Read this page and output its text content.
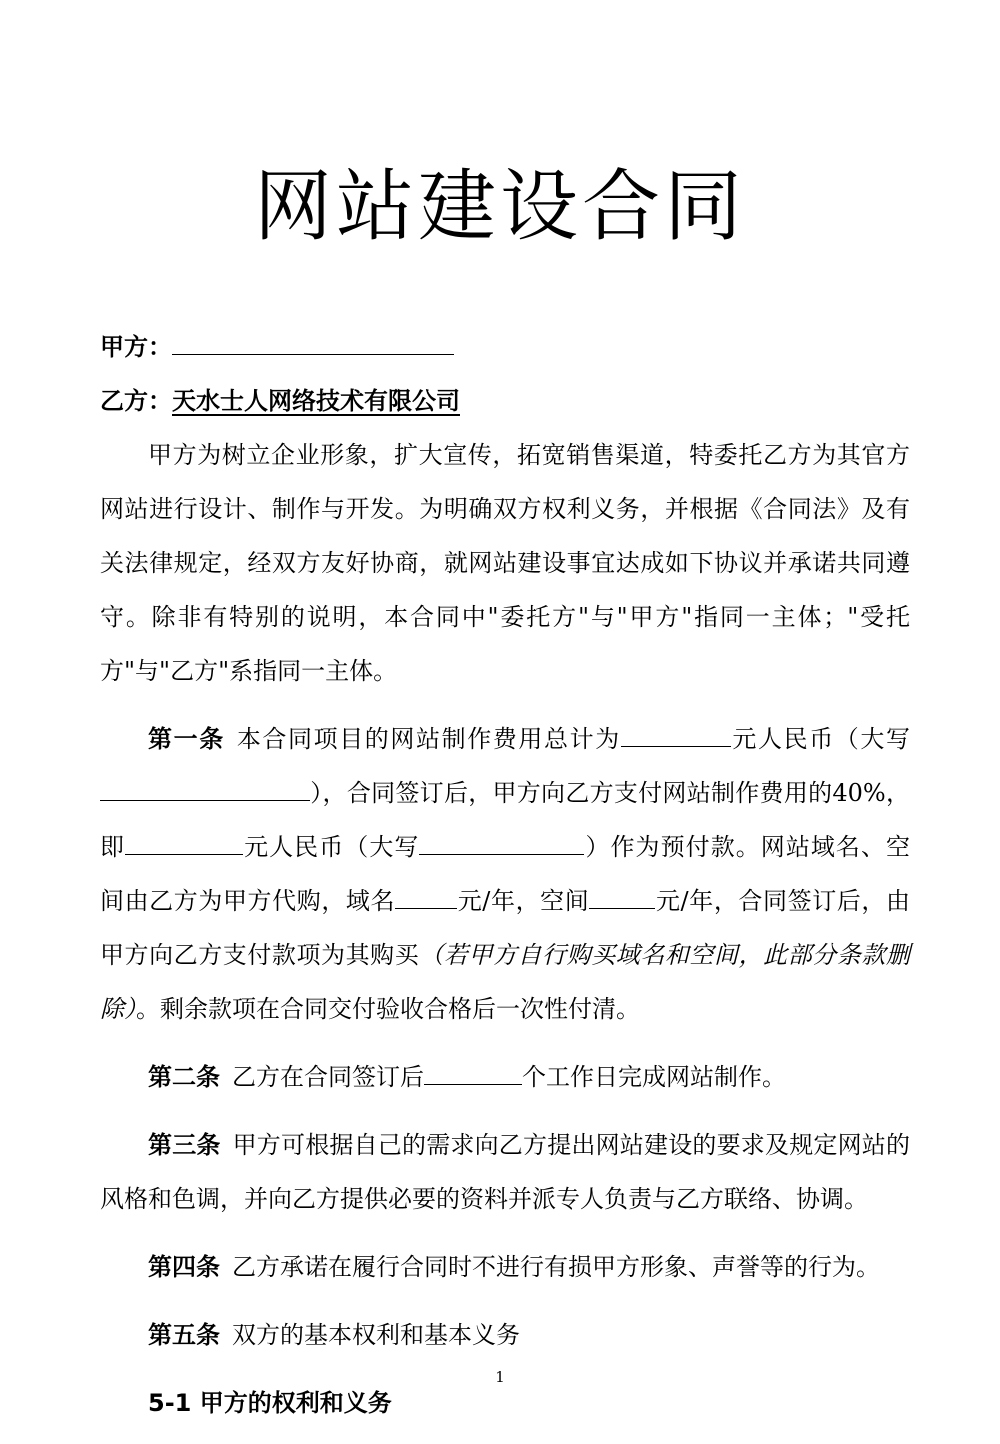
网站建设合同

甲方：

乙方：天水士人网络技术有限公司

甲方为树立企业形象，扩大宣传，拓宽销售渠道，特委托乙方为其官方网站进行设计、制作与开发。为明确双方权利义务，并根据《合同法》及有关法律规定，经双方友好协商，就网站建设事宜达成如下协议并承诺共同遵守。除非有特别的说明，本合同中"委托方"与"甲方"指同一主体；"受托方"与"乙方"系指同一主体。

第一条 本合同项目的网站制作费用总计为	元人民币（大写），合同签订后，甲方向乙方支付网站制作费用的40%，即	元人民币（大写	）作为预付款。网站域名、空间由乙方为甲方代购，域名	元/年，空间	元/年，合同签订后，由甲方向乙方支付款项为其购买（若甲方自行购买域名和空间，此部分条款删除）。剩余款项在合同交付验收合格后一次性付清。

第二条 乙方在合同签订后	个工作日完成网站制作。

第三条 甲方可根据自己的需求向乙方提出网站建设的要求及规定网站的风格和色调，并向乙方提供必要的资料并派专人负责与乙方联络、协调。

第四条 乙方承诺在履行合同时不进行有损甲方形象、声誉等的行为。

第五条 双方的基本权利和基本义务

5-1 甲方的权利和义务

1
